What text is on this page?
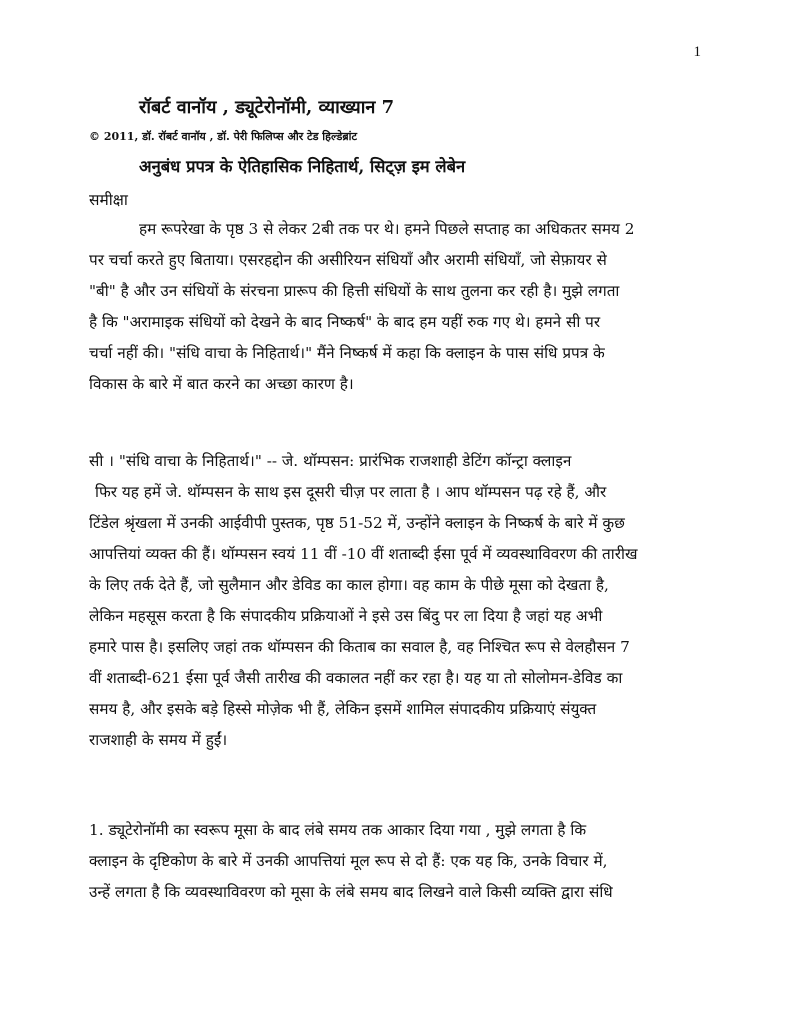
1
रॉबर्ट वानॉय , ड्यूटेरोनॉमी, व्याख्यान 7
© 2011, डॉ. रॉबर्ट वानॉय , डॉ. पेरी फिलिप्स और टेड हिल्डेब्रांट
अनुबंध प्रपत्र के ऐतिहासिक निहितार्थ, सिट्ज़ इम लेबेन
समीक्षा
हम रूपरेखा के पृष्ठ 3 से लेकर 2बी तक पर थे। हमने पिछले सप्ताह का अधिकतर समय 2
पर चर्चा करते हुए बिताया। एसरहद्दोन की असीरियन संधियाँ और अरामी संधियाँ, जो सेफ़ायर से
"बी" है और उन संधियों के संरचना प्रारूप की हित्ती संधियों के साथ तुलना कर रही है। मुझे लगता
है कि "अरामाइक संधियों को देखने के बाद निष्कर्ष" के बाद हम यहीं रुक गए थे। हमने सी पर
चर्चा नहीं की। "संधि वाचा के निहितार्थ।" मैंने निष्कर्ष में कहा कि क्लाइन के पास संधि प्रपत्र के
विकास के बारे में बात करने का अच्छा कारण है।
सी । "संधि वाचा के निहितार्थ।" -- जे. थॉम्पसन: प्रारंभिक राजशाही डेटिंग कॉन्ट्रा क्लाइन
फिर यह हमें जे. थॉम्पसन के साथ इस दूसरी चीज़ पर लाता है । आप थॉम्पसन पढ़ रहे हैं, और
टिंडेल श्रृंखला में उनकी आईवीपी पुस्तक, पृष्ठ 51-52 में, उन्होंने क्लाइन के निष्कर्ष के बारे में कुछ
आपत्तियां व्यक्त की हैं। थॉम्पसन स्वयं 11 वीं -10 वीं शताब्दी ईसा पूर्व में व्यवस्थाविवरण की तारीख
के लिए तर्क देते हैं, जो सुलैमान और डेविड का काल होगा। वह काम के पीछे मूसा को देखता है,
लेकिन महसूस करता है कि संपादकीय प्रक्रियाओं ने इसे उस बिंदु पर ला दिया है जहां यह अभी
हमारे पास है। इसलिए जहां तक थॉम्पसन की किताब का सवाल है, वह निश्चित रूप से वेलहौसन 7
वीं शताब्दी-621 ईसा पूर्व जैसी तारीख की वकालत नहीं कर रहा है। यह या तो सोलोमन-डेविड का
समय है, और इसके बड़े हिस्से मोज़ेक भी हैं, लेकिन इसमें शामिल संपादकीय प्रक्रियाएं संयुक्त
राजशाही के समय में हुईं।
1. ड्यूटेरोनॉमी का स्वरूप मूसा के बाद लंबे समय तक आकार दिया गया , मुझे लगता है कि
क्लाइन के दृष्टिकोण के बारे में उनकी आपत्तियां मूल रूप से दो हैं: एक यह कि, उनके विचार में,
उन्हें लगता है कि व्यवस्थाविवरण को मूसा के लंबे समय बाद लिखने वाले किसी व्यक्ति द्वारा संधि
